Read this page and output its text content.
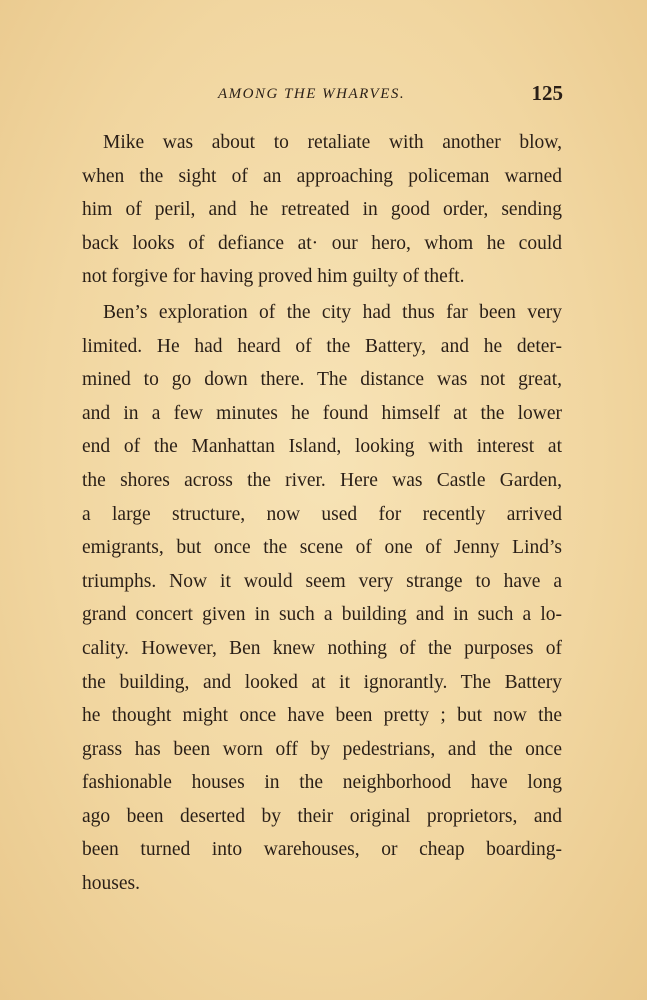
AMONG THE WHARVES.	125
Mike was about to retaliate with another blow,
when the sight of an approaching policeman warned
him of peril, and he retreated in good order, sending
back looks of defiance at· our hero, whom he could
not forgive for having proved him guilty of theft.
Ben’s exploration of the city had thus far been very
limited. He had heard of the Battery, and he deter-
mined to go down there. The distance was not great,
and in a few minutes he found himself at the lower
end of the Manhattan Island, looking with interest at
the shores across the river. Here was Castle Garden,
a large structure, now used for recently arrived
emigrants, but once the scene of one of Jenny Lind’s
triumphs. Now it would seem very strange to have a
grand concert given in such a building and in such a lo-
cality. However, Ben knew nothing of the purposes of
the building, and looked at it ignorantly. The Battery
he thought might once have been pretty ; but now the
grass has been worn off by pedestrians, and the once
fashionable houses in the neighborhood have long
ago been deserted by their original proprietors, and
been turned into warehouses, or cheap boarding-
houses.
